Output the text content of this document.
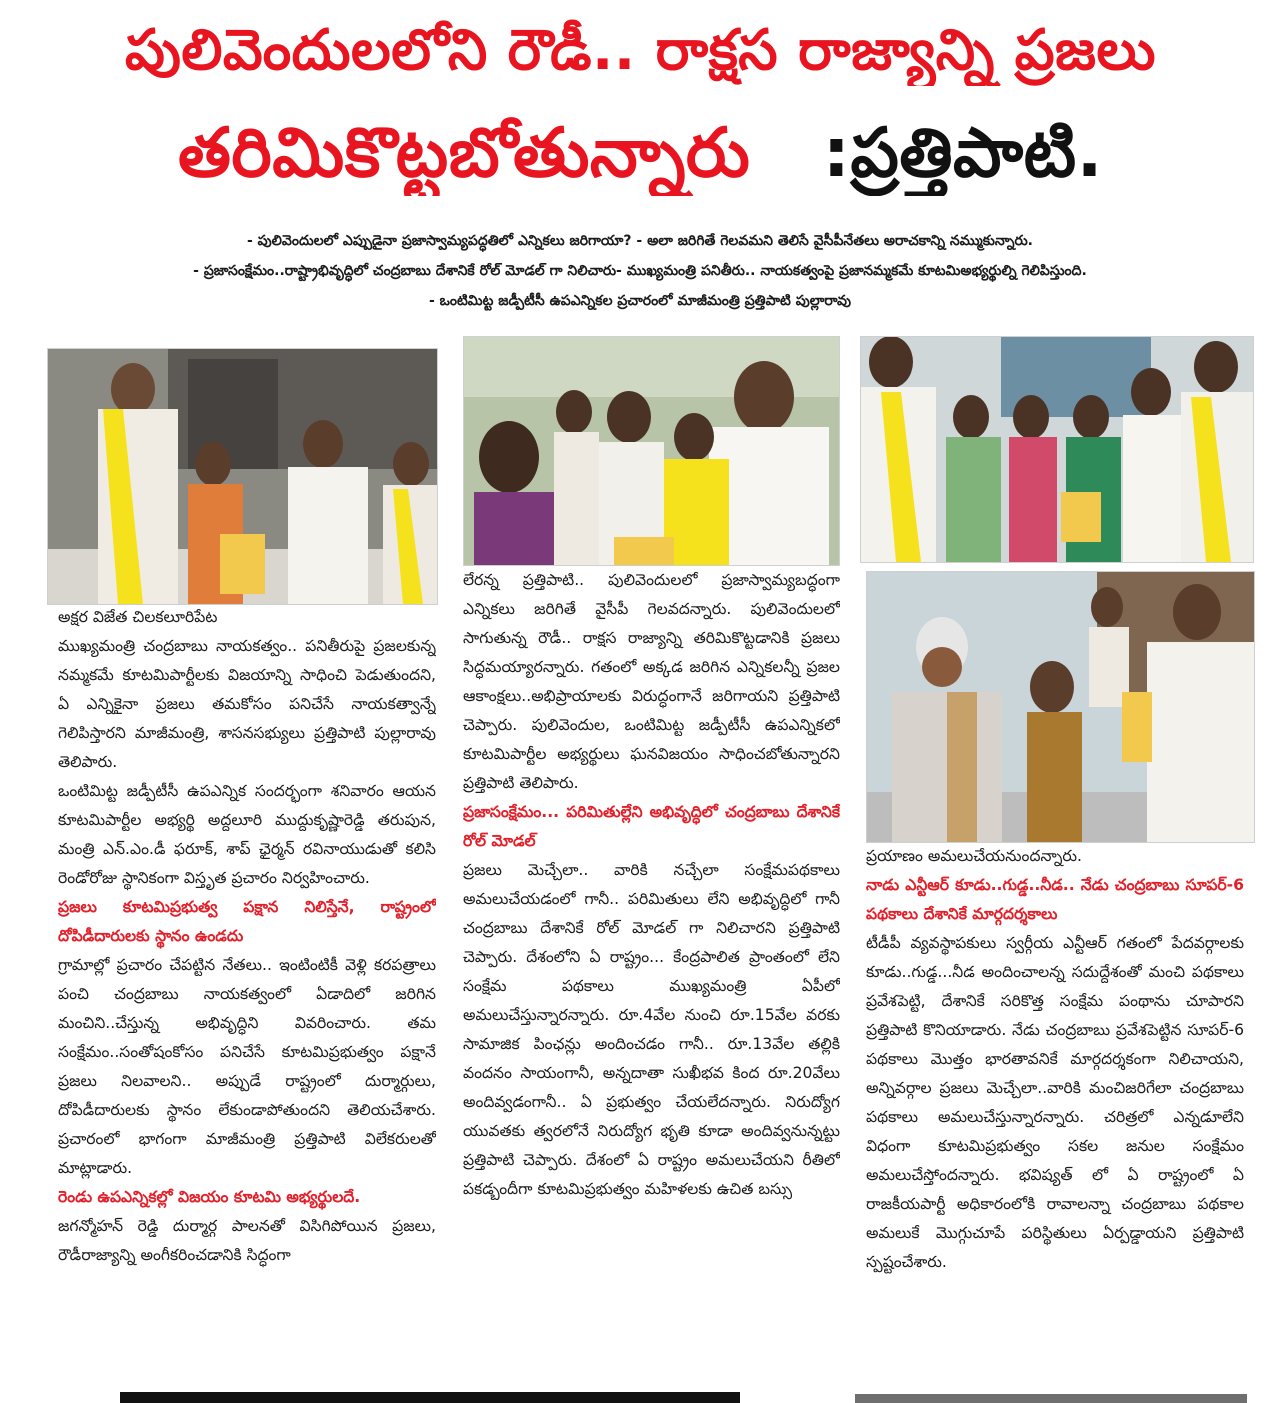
పులివెందులలోని రౌడీ.. రాక్షస రాజ్యాన్ని ప్రజలు
తరిమికొట్టబోతున్నారు :ప్రత్తిపాటి.

- పులివెందులలో ఎప్పుడైనా ప్రజాస్వామ్యపద్ధతిలో ఎన్నికలు జరిగాయా? - అలా జరిగితే గెలవమని తెలిసే వైసీపీనేతలు అరాచకాన్ని నమ్ముకున్నారు.

- ప్రజాసంక్షేమం..రాష్ట్రాభివృద్ధిలో చంద్రబాబు దేశానికే రోల్ మోడల్ గా నిలిచారు- ముఖ్యమంత్రి పనితీరు.. నాయకత్వంపై ప్రజానమ్మకమే కూటమిఅభ్యర్థుల్ని గెలిపిస్తుంది.

- ఒంటిమిట్ట జడ్పీటీసీ ఉపఎన్నికల ప్రచారంలో మాజీమంత్రి ప్రత్తిపాటి పుల్లారావు

అక్షర విజేత చిలకలూరిపేట

ముఖ్యమంత్రి చంద్రబాబు నాయకత్వం.. పనితీరుపై ప్రజలకున్న నమ్మకమే కూటమిపార్టీలకు విజయాన్ని సాధించి పెడుతుందని, ఏ ఎన్నికైనా ప్రజలు తమకోసం పనిచేసే నాయకత్వాన్నే గెలిపిస్తారని మాజీమంత్రి, శాసనసభ్యులు ప్రత్తిపాటి పుల్లారావు తెలిపారు.

ఒంటిమిట్ట జడ్పీటీసీ ఉపఎన్నిక సందర్భంగా శనివారం ఆయన కూటమిపార్టీల అభ్యర్థి అద్దలూరి ముద్దుకృష్ణారెడ్డి తరుపున, మంత్రి ఎన్.ఎం.డీ ఫరూక్, శాప్ ఛైర్మన్ రవినాయుడుతో కలిసి రెండోరోజు స్థానికంగా విస్తృత ప్రచారం నిర్వహించారు.

ప్రజలు కూటమిప్రభుత్వ పక్షాన నిలిస్తేనే, రాష్ట్రంలో దోపిడీదారులకు స్థానం ఉండదు

గ్రామాల్లో ప్రచారం చేపట్టిన నేతలు.. ఇంటింటికీ వెళ్లి కరపత్రాలు పంచి చంద్రబాబు నాయకత్వంలో ఏడాదిలో జరిగిన మంచిని..చేస్తున్న అభివృద్ధిని వివరించారు. తమ సంక్షేమం..సంతోషంకోసం పనిచేసే కూటమిప్రభుత్వం పక్షానే ప్రజలు నిలవాలని.. అప్పుడే రాష్ట్రంలో దుర్మార్గులు, దోపిడీదారులకు స్థానం లేకుండాపోతుందని తెలియచేశారు. ప్రచారంలో భాగంగా మాజీమంత్రి ప్రత్తిపాటి విలేకరులతో మాట్లాడారు.

రెండు ఉపఎన్నికల్లో విజయం కూటమి అభ్యర్థులదే.

జగన్మోహన్ రెడ్డి దుర్మార్గ పాలనతో విసిగిపోయిన ప్రజలు, రౌడీరాజ్యాన్ని అంగీకరించడానికి సిద్ధంగా

లేరన్న ప్రత్తిపాటి.. పులివెందులలో ప్రజాస్వామ్యబద్ధంగా ఎన్నికలు జరిగితే వైసీపీ గెలవదన్నారు. పులివెందులలో సాగుతున్న రౌడీ.. రాక్షస రాజ్యాన్ని తరిమికొట్టడానికి ప్రజలు సిద్ధమయ్యారన్నారు. గతంలో అక్కడ జరిగిన ఎన్నికలన్నీ ప్రజల ఆకాంక్షలు..అభిప్రాయాలకు విరుద్ధంగానే జరిగాయని ప్రత్తిపాటి చెప్పారు. పులివెందుల, ఒంటిమిట్ట జడ్పీటీసీ ఉపఎన్నికలో కూటమిపార్టీల అభ్యర్థులు ఘనవిజయం సాధించబోతున్నారని ప్రత్తిపాటి తెలిపారు.

ప్రజాసంక్షేమం... పరిమితుల్లేని అభివృద్ధిలో చంద్రబాబు దేశానికే రోల్ మోడల్

ప్రజలు మెచ్చేలా.. వారికి నచ్చేలా సంక్షేమపథకాలు అమలుచేయడంలో గానీ.. పరిమితులు లేని అభివృద్ధిలో గానీ చంద్రబాబు దేశానికే రోల్ మోడల్ గా నిలిచారని ప్రత్తిపాటి చెప్పారు. దేశంలోని ఏ రాష్ట్రం... కేంద్రపాలిత ప్రాంతంలో లేని సంక్షేమ పథకాలు ముఖ్యమంత్రి ఏపీలో అమలుచేస్తున్నారన్నారు. రూ.4వేల నుంచి రూ.15వేల వరకు సామాజిక పింఛన్లు అందించడం గానీ.. రూ.13వేల తల్లికి వందనం సాయంగానీ, అన్నదాతా సుఖీభవ కింద రూ.20వేలు అందివ్వడంగానీ.. ఏ ప్రభుత్వం చేయలేదన్నారు. నిరుద్యోగ యువతకు త్వరలోనే నిరుద్యోగ భృతి కూడా అందివ్వనున్నట్టు ప్రత్తిపాటి చెప్పారు. దేశంలో ఏ రాష్ట్రం అమలుచేయని రీతిలో పకడ్బందీగా కూటమిప్రభుత్వం మహిళలకు ఉచిత బస్సు

ప్రయాణం అమలుచేయనుందన్నారు.

నాడు ఎన్టీఆర్ కూడు..గుడ్డ..నీడ.. నేడు చంద్రబాబు సూపర్-6 పథకాలు దేశానికే మార్గదర్శకాలు

టీడీపీ వ్యవస్థాపకులు స్వర్గీయ ఎన్టీఆర్ గతంలో పేదవర్గాలకు కూడు..గుడ్డ...నీడ అందించాలన్న సదుద్దేశంతో మంచి పథకాలు ప్రవేశపెట్టి, దేశానికే సరికొత్త సంక్షేమ పంథాను చూపారని ప్రత్తిపాటి కొనియాడారు. నేడు చంద్రబాబు ప్రవేశపెట్టిన సూపర్-6 పథకాలు మొత్తం భారతావనికే మార్గదర్శకంగా నిలిచాయని, అన్నివర్గాల ప్రజలు మెచ్చేలా..వారికి మంచిజరిగేలా చంద్రబాబు పథకాలు అమలుచేస్తున్నారన్నారు. చరిత్రలో ఎన్నడూలేని విధంగా కూటమిప్రభుత్వం సకల జనుల సంక్షేమం అమలుచేస్తోందన్నారు. భవిష్యత్ లో ఏ రాష్ట్రంలో ఏ రాజకీయపార్టీ అధికారంలోకి రావాలన్నా చంద్రబాబు పథకాల అమలుకే మొగ్గుచూపే పరిస్థితులు ఏర్పడ్డాయని ప్రత్తిపాటి స్పష్టంచేశారు.
